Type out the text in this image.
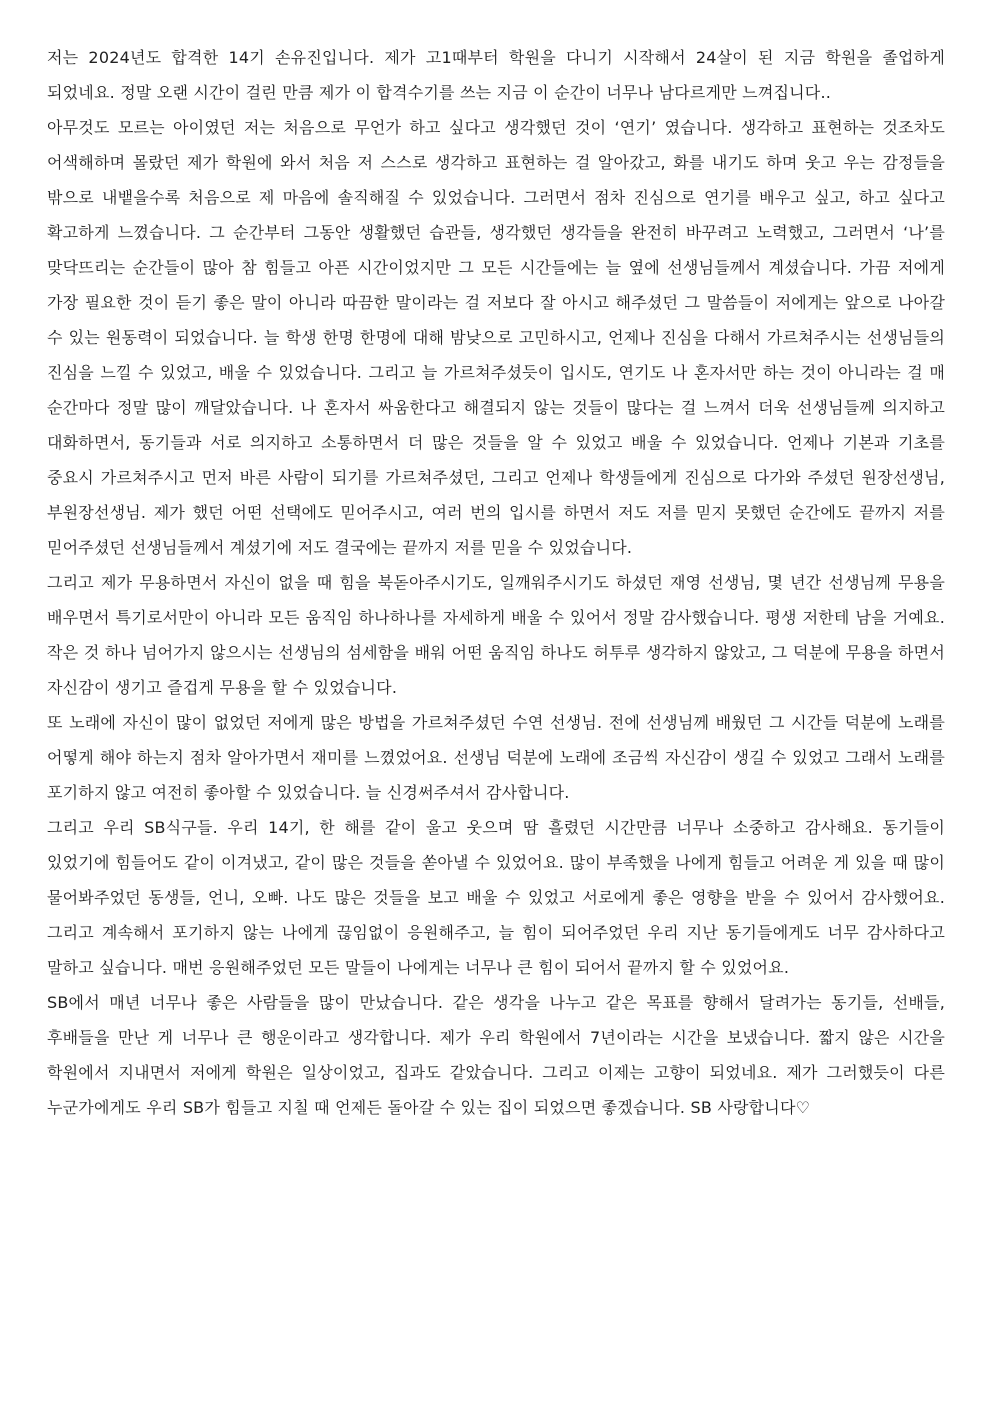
저는 2024년도 합격한 14기 손유진입니다. 제가 고1때부터 학원을 다니기 시작해서 24살이 된 지금 학원을 졸업하게 되었네요. 정말 오랜 시간이 걸린 만큼 제가 이 합격수기를 쓰는 지금 이 순간이 너무나 남다르게만 느껴집니다..

아무것도 모르는 아이였던 저는 처음으로 무언가 하고 싶다고 생각했던 것이 ‘연기’ 였습니다. 생각하고 표현하는 것조차도 어색해하며 몰랐던 제가 학원에 와서 처음 저 스스로 생각하고 표현하는 걸 알아갔고, 화를 내기도 하며 웃고 우는 감정들을 밖으로 내뱉을수록 처음으로 제 마음에 솔직해질 수 있었습니다. 그러면서 점차 진심으로 연기를 배우고 싶고, 하고 싶다고 확고하게 느꼈습니다. 그 순간부터 그동안 생활했던 습관들, 생각했던 생각들을 완전히 바꾸려고 노력했고, 그러면서 ‘나’를 맞닥뜨리는 순간들이 많아 참 힘들고 아픈 시간이었지만 그 모든 시간들에는 늘 옆에 선생님들께서 계셨습니다. 가끔 저에게 가장 필요한 것이 듣기 좋은 말이 아니라 따끔한 말이라는 걸 저보다 잘 아시고 해주셨던 그 말씀들이 저에게는 앞으로 나아갈 수 있는 원동력이 되었습니다. 늘 학생 한명 한명에 대해 밤낮으로 고민하시고, 언제나 진심을 다해서 가르쳐주시는 선생님들의 진심을 느낄 수 있었고, 배울 수 있었습니다. 그리고 늘 가르쳐주셨듯이 입시도, 연기도 나 혼자서만 하는 것이 아니라는 걸 매 순간마다 정말 많이 깨달았습니다. 나 혼자서 싸움한다고 해결되지 않는 것들이 많다는 걸 느껴서 더욱 선생님들께 의지하고 대화하면서, 동기들과 서로 의지하고 소통하면서 더 많은 것들을 알 수 있었고 배울 수 있었습니다. 언제나 기본과 기초를 중요시 가르쳐주시고 먼저 바른 사람이 되기를 가르쳐주셨던, 그리고 언제나 학생들에게 진심으로 다가와 주셨던 원장선생님, 부원장선생님. 제가 했던 어떤 선택에도 믿어주시고, 여러 번의 입시를 하면서 저도 저를 믿지 못했던 순간에도 끝까지 저를 믿어주셨던 선생님들께서 계셨기에 저도 결국에는 끝까지 저를 믿을 수 있었습니다.

그리고 제가 무용하면서 자신이 없을 때 힘을 북돋아주시기도, 일깨워주시기도 하셨던 재영 선생님, 몇 년간 선생님께 무용을 배우면서 특기로서만이 아니라 모든 움직임 하나하나를 자세하게 배울 수 있어서 정말 감사했습니다. 평생 저한테 남을 거예요. 작은 것 하나 넘어가지 않으시는 선생님의 섬세함을 배워 어떤 움직임 하나도 허투루 생각하지 않았고, 그 덕분에 무용을 하면서 자신감이 생기고 즐겁게 무용을 할 수 있었습니다.

또 노래에 자신이 많이 없었던 저에게 많은 방법을 가르쳐주셨던 수연 선생님. 전에 선생님께 배웠던 그 시간들 덕분에 노래를 어떻게 해야 하는지 점차 알아가면서 재미를 느꼈었어요. 선생님 덕분에 노래에 조금씩 자신감이 생길 수 있었고 그래서 노래를 포기하지 않고 여전히 좋아할 수 있었습니다. 늘 신경써주셔서 감사합니다.

그리고 우리 SB식구들. 우리 14기, 한 해를 같이 울고 웃으며 땀 흘렸던 시간만큼 너무나 소중하고 감사해요. 동기들이 있었기에 힘들어도 같이 이겨냈고, 같이 많은 것들을 쏟아낼 수 있었어요. 많이 부족했을 나에게 힘들고 어려운 게 있을 때 많이 물어봐주었던 동생들, 언니, 오빠. 나도 많은 것들을 보고 배울 수 있었고 서로에게 좋은 영향을 받을 수 있어서 감사했어요. 그리고 계속해서 포기하지 않는 나에게 끊임없이 응원해주고, 늘 힘이 되어주었던 우리 지난 동기들에게도 너무 감사하다고 말하고 싶습니다. 매번 응원해주었던 모든 말들이 나에게는 너무나 큰 힘이 되어서 끝까지 할 수 있었어요.

SB에서 매년 너무나 좋은 사람들을 많이 만났습니다. 같은 생각을 나누고 같은 목표를 향해서 달려가는 동기들, 선배들, 후배들을 만난 게 너무나 큰 행운이라고 생각합니다. 제가 우리 학원에서 7년이라는 시간을 보냈습니다. 짧지 않은 시간을 학원에서 지내면서 저에게 학원은 일상이었고, 집과도 같았습니다. 그리고 이제는 고향이 되었네요. 제가 그러했듯이 다른 누군가에게도 우리 SB가 힘들고 지칠 때 언제든 돌아갈 수 있는 집이 되었으면 좋겠습니다. SB 사랑합니다♡
